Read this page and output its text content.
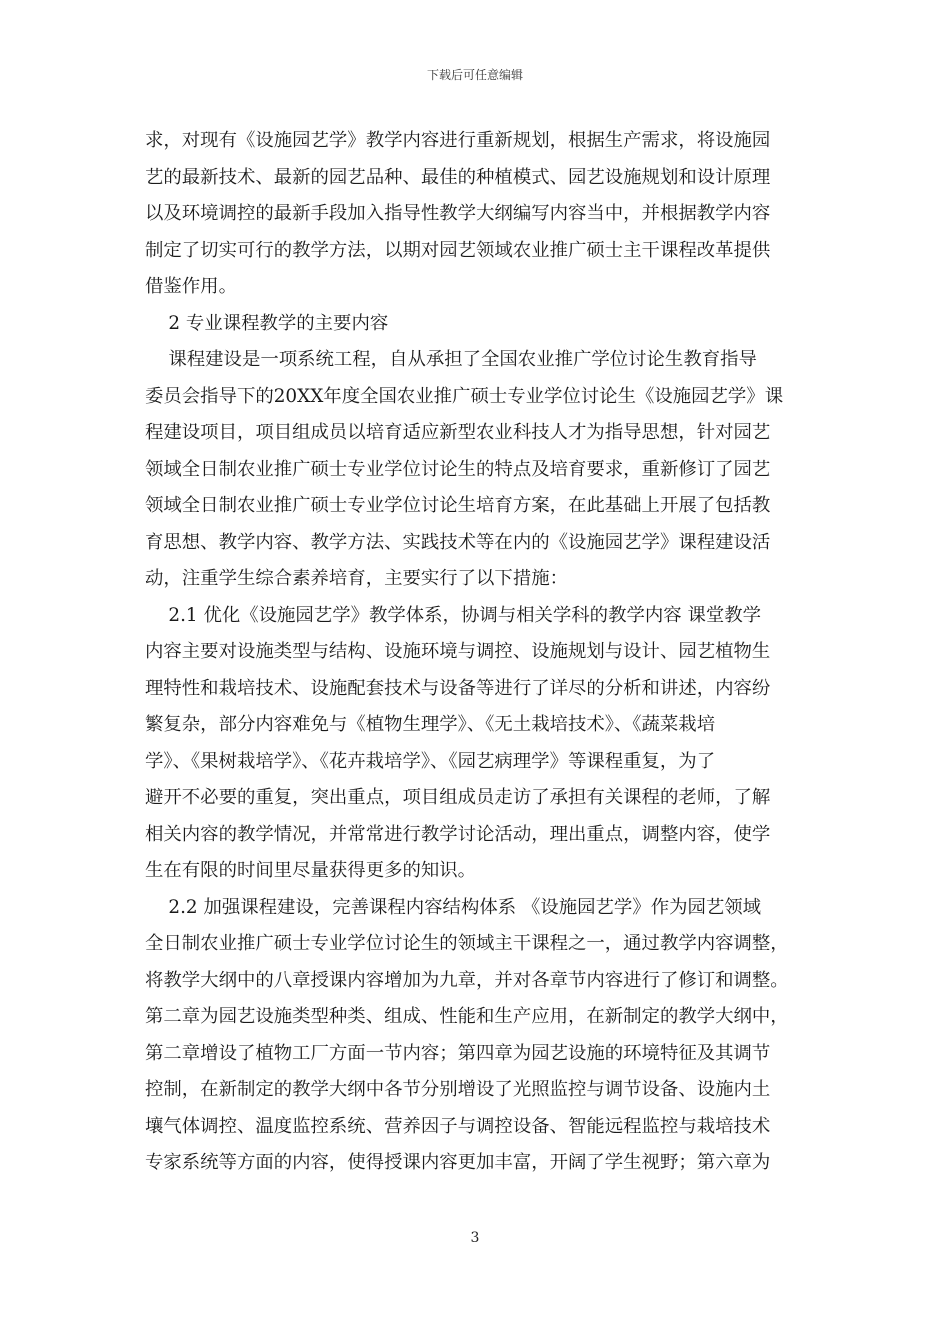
下载后可任意编辑
求，对现有《设施园艺学》教学内容进行重新规划，根据生产需求，将设施园
艺的最新技术、最新的园艺品种、最佳的种植模式、园艺设施规划和设计原理
以及环境调控的最新手段加入指导性教学大纲编写内容当中，并根据教学内容
制定了切实可行的教学方法，以期对园艺领域农业推广硕士主干课程改革提供
借鉴作用。
2 专业课程教学的主要内容
课程建设是一项系统工程，自从承担了全国农业推广学位讨论生教育指导
委员会指导下的20XX年度全国农业推广硕士专业学位讨论生《设施园艺学》课
程建设项目，项目组成员以培育适应新型农业科技人才为指导思想，针对园艺
领域全日制农业推广硕士专业学位讨论生的特点及培育要求，重新修订了园艺
领域全日制农业推广硕士专业学位讨论生培育方案，在此基础上开展了包括教
育思想、教学内容、教学方法、实践技术等在内的《设施园艺学》课程建设活
动，注重学生综合素养培育，主要实行了以下措施：
2.1 优化《设施园艺学》教学体系，协调与相关学科的教学内容 课堂教学
内容主要对设施类型与结构、设施环境与调控、设施规划与设计、园艺植物生
理特性和栽培技术、设施配套技术与设备等进行了详尽的分析和讲述，内容纷
繁复杂，部分内容难免与《植物生理学》、《无土栽培技术》、《蔬菜栽培
学》、《果树栽培学》、《花卉栽培学》、《园艺病理学》等课程重复，为了
避开不必要的重复，突出重点，项目组成员走访了承担有关课程的老师，了解
相关内容的教学情况，并常常进行教学讨论活动，理出重点，调整内容，使学
生在有限的时间里尽量获得更多的知识。
2.2 加强课程建设，完善课程内容结构体系 《设施园艺学》作为园艺领域
全日制农业推广硕士专业学位讨论生的领域主干课程之一，通过教学内容调整，
将教学大纲中的八章授课内容增加为九章，并对各章节内容进行了修订和调整。
第二章为园艺设施类型种类、组成、性能和生产应用，在新制定的教学大纲中，
第二章增设了植物工厂方面一节内容；第四章为园艺设施的环境特征及其调节
控制，在新制定的教学大纲中各节分别增设了光照监控与调节设备、设施内土
壤气体调控、温度监控系统、营养因子与调控设备、智能远程监控与栽培技术
专家系统等方面的内容，使得授课内容更加丰富，开阔了学生视野；第六章为
3
